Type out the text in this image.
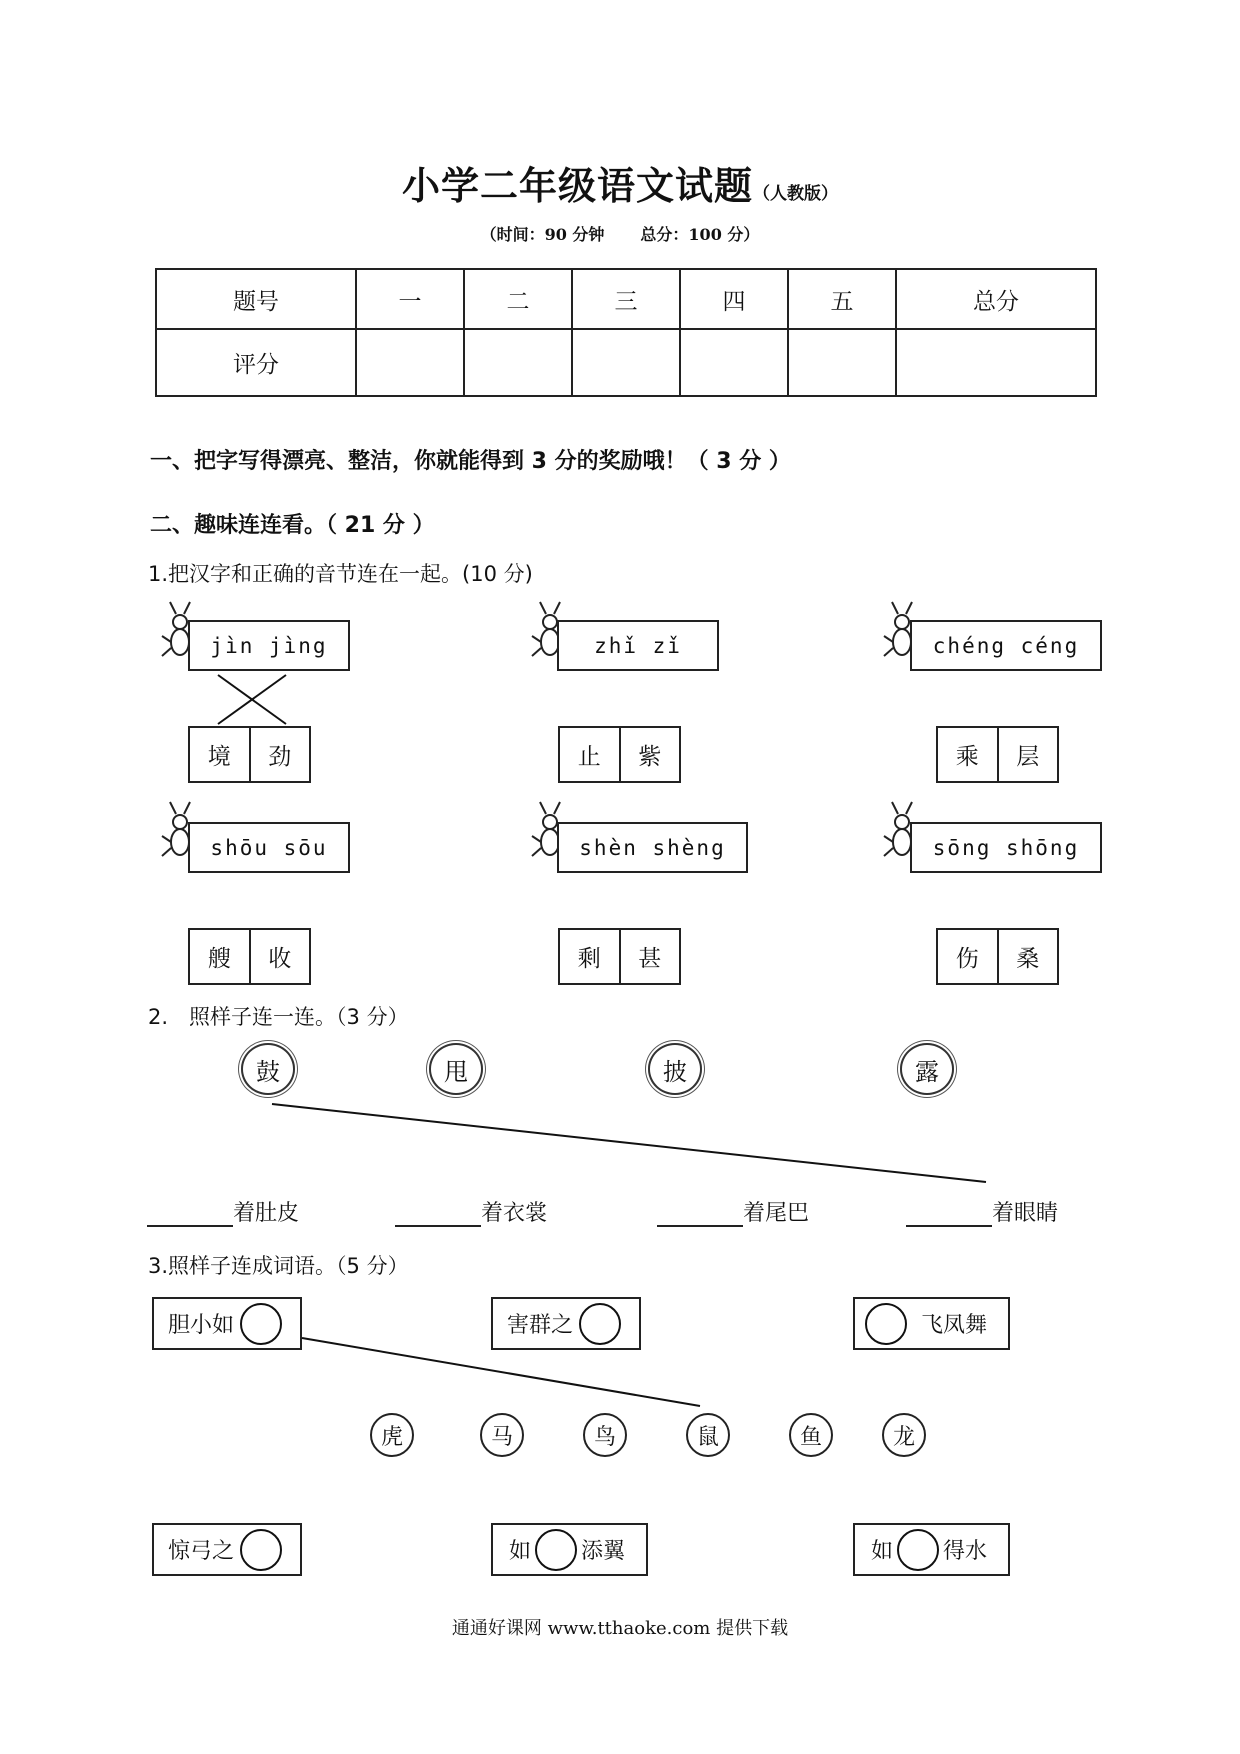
小学二年级语文试题（人教版）
（时间：90 分钟 总分：100 分）
题号	一	二	三	四	五	总分
评分						
一、把字写得漂亮、整洁，你就能得到 3 分的奖励哦！（ 3 分 ）
二、趣味连连看。（ 21 分 ）
1.把汉字和正确的音节连在一起。(10 分)
jìn jìng	zhǐ zǐ	chéng céng
境	劲	止	紫	乘	层
shōu sōu	shèn shèng	sōng shōng
艘	收	剩	甚	伤	桑
2.　照样子连一连。（3 分）
鼓	甩	披	露
着肚皮	着衣裳	着尾巴	着眼睛
3.照样子连成词语。（5 分）
胆小如	害群之	飞凤舞
虎	马	鸟	鼠	鱼	龙
惊弓之	如 添翼	如 得水
通通好课网 www.tthaoke.com 提供下载
